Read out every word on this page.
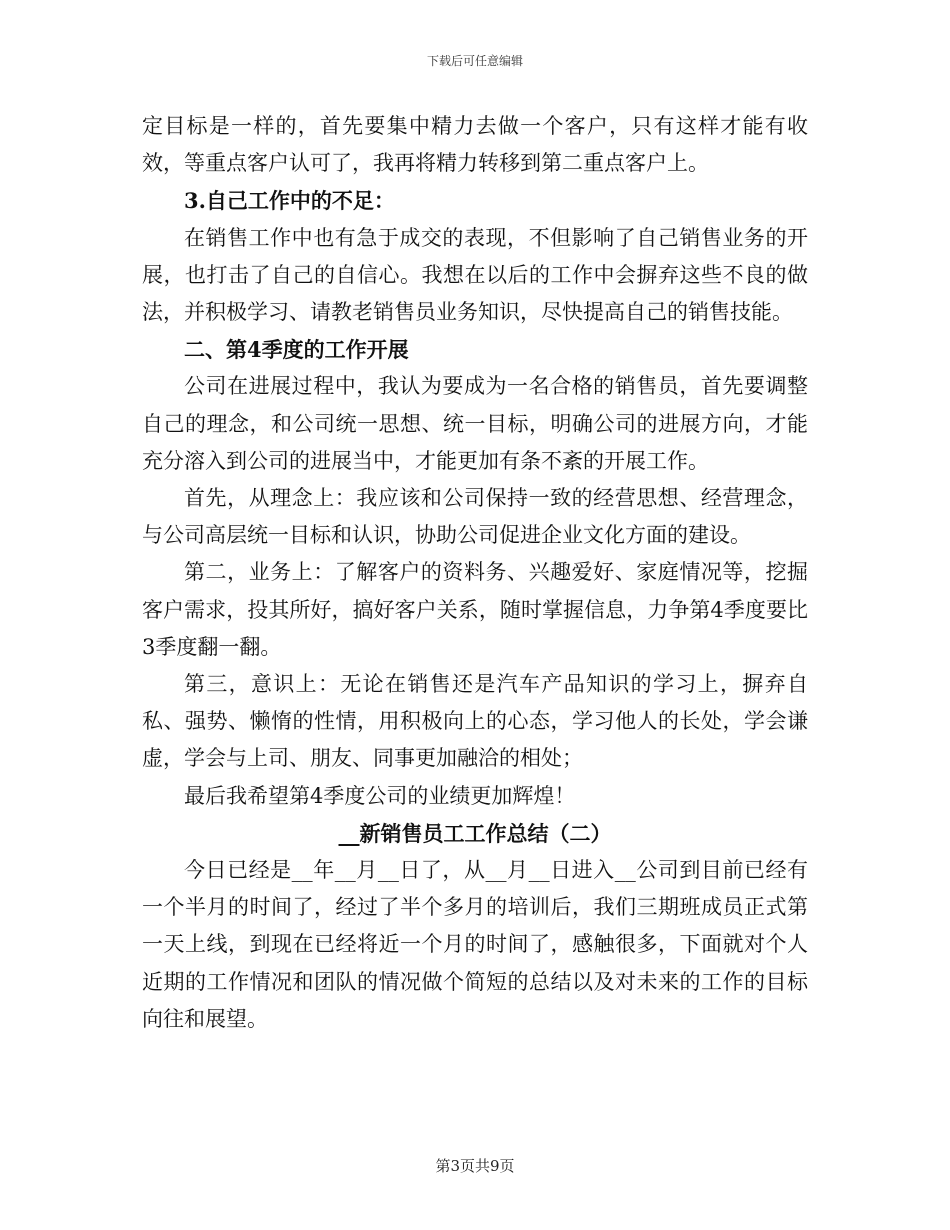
下载后可任意编辑

定目标是一样的，首先要集中精力去做一个客户，只有这样才能有收效，等重点客户认可了，我再将精力转移到第二重点客户上。

3.自己工作中的不足：

在销售工作中也有急于成交的表现，不但影响了自己销售业务的开展，也打击了自己的自信心。我想在以后的工作中会摒弃这些不良的做法，并积极学习、请教老销售员业务知识，尽快提高自己的销售技能。

二、第4季度的工作开展

公司在进展过程中，我认为要成为一名合格的销售员，首先要调整自己的理念，和公司统一思想、统一目标，明确公司的进展方向，才能充分溶入到公司的进展当中，才能更加有条不紊的开展工作。

首先，从理念上：我应该和公司保持一致的经营思想、经营理念，与公司高层统一目标和认识，协助公司促进企业文化方面的建设。

第二，业务上：了解客户的资料务、兴趣爱好、家庭情况等，挖掘客户需求，投其所好，搞好客户关系，随时掌握信息，力争第4季度要比3季度翻一翻。

第三，意识上：无论在销售还是汽车产品知识的学习上，摒弃自私、强势、懒惰的性情，用积极向上的心态，学习他人的长处，学会谦虚，学会与上司、朋友、同事更加融洽的相处；

最后我希望第4季度公司的业绩更加辉煌！

__新销售员工工作总结（二）

今日已经是__年__月__日了，从__月__日进入__公司到目前已经有一个半月的时间了，经过了半个多月的培训后，我们三期班成员正式第一天上线，到现在已经将近一个月的时间了，感触很多，下面就对个人近期的工作情况和团队的情况做个简短的总结以及对未来的工作的目标向往和展望。

第3页共9页
